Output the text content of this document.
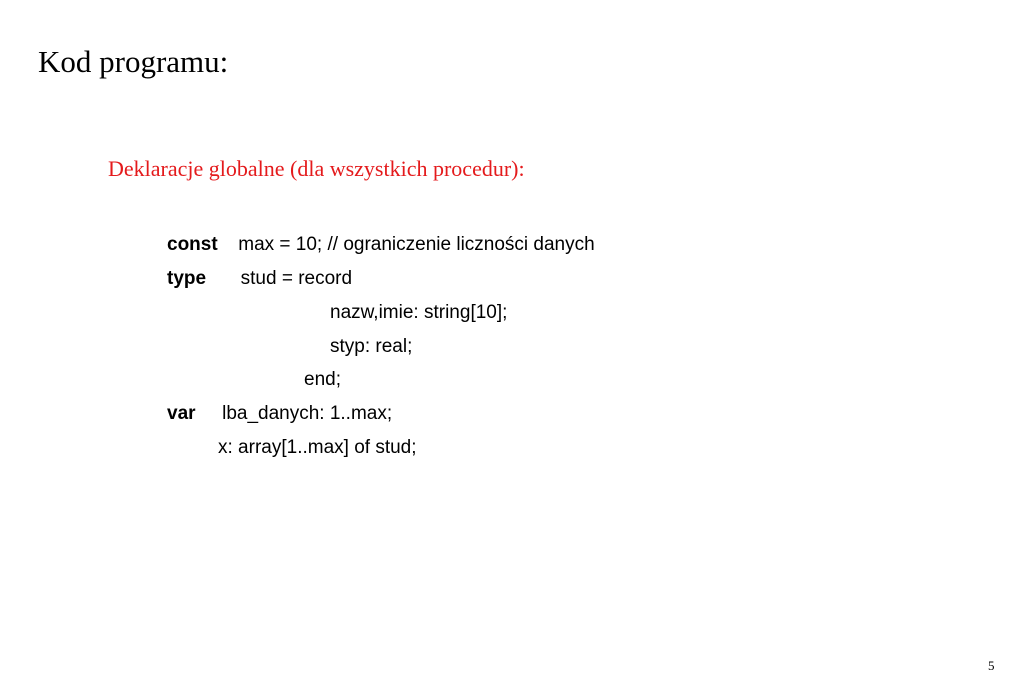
Kod programu:
Deklaracje globalne (dla wszystkich procedur):
const max = 10; // ograniczenie liczności danych
type stud = record
nazw,imie: string[10];
styp: real;
end;
var lba_danych: 1..max;
x: array[1..max] of stud;
5
